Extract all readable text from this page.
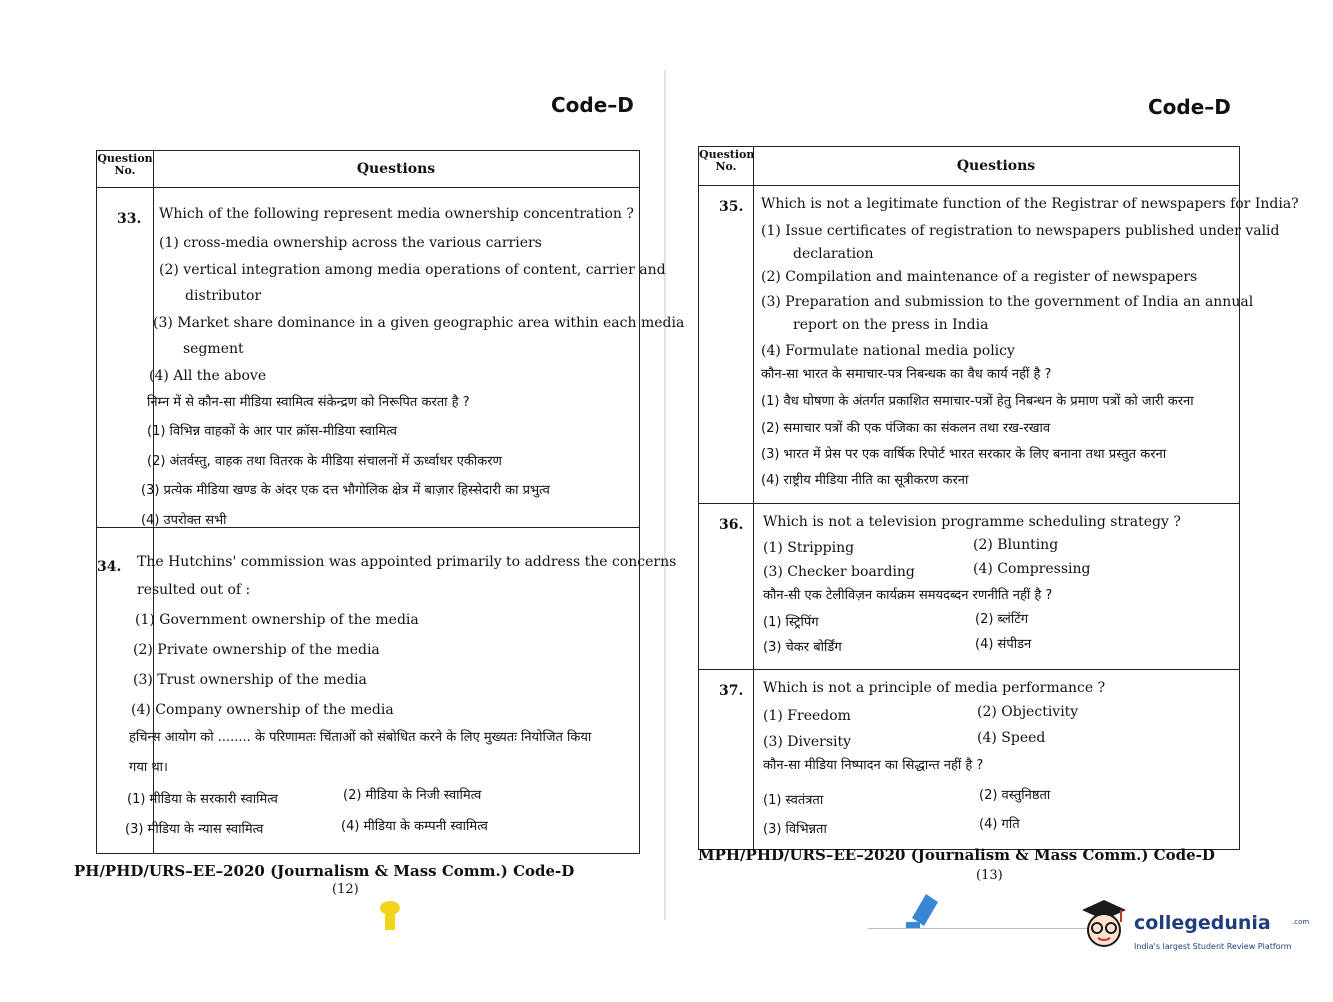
Code–D
Question
No.	Questions
33. Which of the following represent media ownership concentration ?
(1) cross-media ownership across the various carriers
(2) vertical integration among media operations of content, carrier and
distributor
(3) Market share dominance in a given geographic area within each media
segment
(4) All the above
निम्न में से कौन-सा मीडिया स्वामित्व संकेन्द्रण को निरूपित करता है ?
(1) विभिन्न वाहकों के आर पार क्रॉस-मीडिया स्वामित्व
(2) अंतर्वस्तु, वाहक तथा वितरक के मीडिया संचालनों में ऊर्ध्वाधर एकीकरण
(3) प्रत्येक मीडिया खण्ड के अंदर एक दत्त भौगोलिक क्षेत्र में बाज़ार हिस्सेदारी का प्रभुत्व
(4) उपरोक्त सभी
34. The Hutchins' commission was appointed primarily to address the concerns
resulted out of :
(1) Government ownership of the media
(2) Private ownership of the media
(3) Trust ownership of the media
(4) Company ownership of the media
हचिन्स आयोग को ........ के परिणामतः चिंताओं को संबोधित करने के लिए मुख्यतः नियोजित किया
गया था।
(1) मीडिया के सरकारी स्वामित्व	(2) मीडिया के निजी स्वामित्व
(3) मीडिया के न्यास स्वामित्व	(4) मीडिया के कम्पनी स्वामित्व
PH/PHD/URS–EE–2020 (Journalism & Mass Comm.) Code-D
(12)
Code–D
Question
No.	Questions
35. Which is not a legitimate function of the Registrar of newspapers for India?
(1) Issue certificates of registration to newspapers published under valid
declaration
(2) Compilation and maintenance of a register of newspapers
(3) Preparation and submission to the government of India an annual
report on the press in India
(4) Formulate national media policy
कौन-सा भारत के समाचार-पत्र निबन्धक का वैध कार्य नहीं है ?
(1) वैध घोषणा के अंतर्गत प्रकाशित समाचार-पत्रों हेतु निबन्धन के प्रमाण पत्रों को जारी करना
(2) समाचार पत्रों की एक पंजिका का संकलन तथा रख-रखाव
(3) भारत में प्रेस पर एक वार्षिक रिपोर्ट भारत सरकार के लिए बनाना तथा प्रस्तुत करना
(4) राष्ट्रीय मीडिया नीति का सूत्रीकरण करना
36. Which is not a television programme scheduling strategy ?
(1) Stripping	(2) Blunting
(3) Checker boarding	(4) Compressing
कौन-सी एक टेलीविज़न कार्यक्रम समयदब्दन रणनीति नहीं है ?
(1) स्ट्रिपिंग	(2) ब्लंटिंग
(3) चेकर बोर्डिंग	(4) संपीडन
37. Which is not a principle of media performance ?
(1) Freedom	(2) Objectivity
(3) Diversity	(4) Speed
कौन-सा मीडिया निष्पादन का सिद्धान्त नहीं है ?
(1) स्वतंत्रता	(2) वस्तुनिष्ठता
(3) विभिन्नता	(4) गति
MPH/PHD/URS–EE–2020 (Journalism & Mass Comm.) Code-D
(13)
collegedunia	.com
India's largest Student Review Platform
